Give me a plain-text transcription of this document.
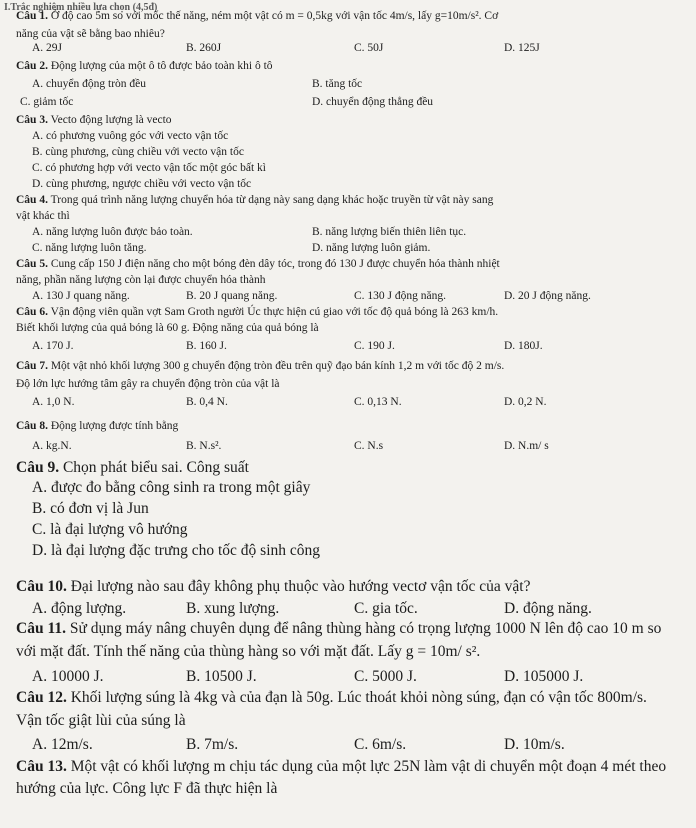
I.Trắc nghiệm nhiều lựa chọn (4,5đ)
Câu 1. Ở độ cao 5m so với mốc thế năng, ném một vật có m = 0,5kg với vận tốc 4m/s, lấy g=10m/s². Cơ
năng của vật sẽ bằng bao nhiêu?
A. 29J	B. 260J	C. 50J	D. 125J
Câu 2. Động lượng của một ô tô được bảo toàn khi ô tô
A. chuyển động tròn đều	B. tăng tốc
C. giảm tốc	D. chuyển động thẳng đều
Câu 3. Vecto động lượng là vecto
A. có phương vuông góc với vecto vận tốc
B. cùng phương, cùng chiều với vecto vận tốc
C. có phương hợp với vecto vận tốc một góc bất kì
D. cùng phương, ngược chiều với vecto vận tốc
Câu 4. Trong quá trình năng lượng chuyển hóa từ dạng này sang dạng khác hoặc truyền từ vật này sang
vật khác thì
A. năng lượng luôn được bảo toàn.	B. năng lượng biến thiên liên tục.
C. năng lượng luôn tăng.	D. năng lượng luôn giảm.
Câu 5. Cung cấp 150 J điện năng cho một bóng đèn dây tóc, trong đó 130 J được chuyển hóa thành nhiệt
năng, phần năng lượng còn lại được chuyển hóa thành
A. 130 J quang năng.	B. 20 J quang năng.	C. 130 J động năng.	D. 20 J động năng.
Câu 6. Vận động viên quần vợt Sam Groth người Úc thực hiện cú giao với tốc độ quả bóng là 263 km/h.
Biết khối lượng của quả bóng là 60 g. Động năng của quả bóng là
A. 170 J.	B. 160 J.	C. 190 J.	D. 180J.
Câu 7. Một vật nhỏ khối lượng 300 g chuyển động tròn đều trên quỹ đạo bán kính 1,2 m với tốc độ 2 m/s.
Độ lớn lực hướng tâm gây ra chuyển động tròn của vật là
A. 1,0 N.	B. 0,4 N.	C. 0,13 N.	D. 0,2 N.
Câu 8. Động lượng được tính bằng
A. kg.N.	B. N.s².	C. N.s	D. N.m/ s
Câu 9. Chọn phát biểu sai. Công suất
A. được đo bằng công sinh ra trong một giây
B. có đơn vị là Jun
C. là đại lượng vô hướng
D. là đại lượng đặc trưng cho tốc độ sinh công
Câu 10. Đại lượng nào sau đây không phụ thuộc vào hướng vectơ vận tốc của vật?
A. động lượng.	B. xung lượng.	C. gia tốc.	D. động năng.
Câu 11. Sử dụng máy nâng chuyên dụng để nâng thùng hàng có trọng lượng 1000 N lên độ cao 10 m so
với mặt đất. Tính thế năng của thùng hàng so với mặt đất. Lấy g = 10m/ s².
A. 10000 J.	B. 10500 J.	C. 5000 J.	D. 105000 J.
Câu 12. Khối lượng súng là 4kg và của đạn là 50g. Lúc thoát khỏi nòng súng, đạn có vận tốc 800m/s.
Vận tốc giật lùi của súng là
A. 12m/s.	B. 7m/s.	C. 6m/s.	D. 10m/s.
Câu 13. Một vật có khối lượng m chịu tác dụng của một lực 25N làm vật di chuyển một đoạn 4 mét theo
hướng của lực. Công lực F đã thực hiện là
